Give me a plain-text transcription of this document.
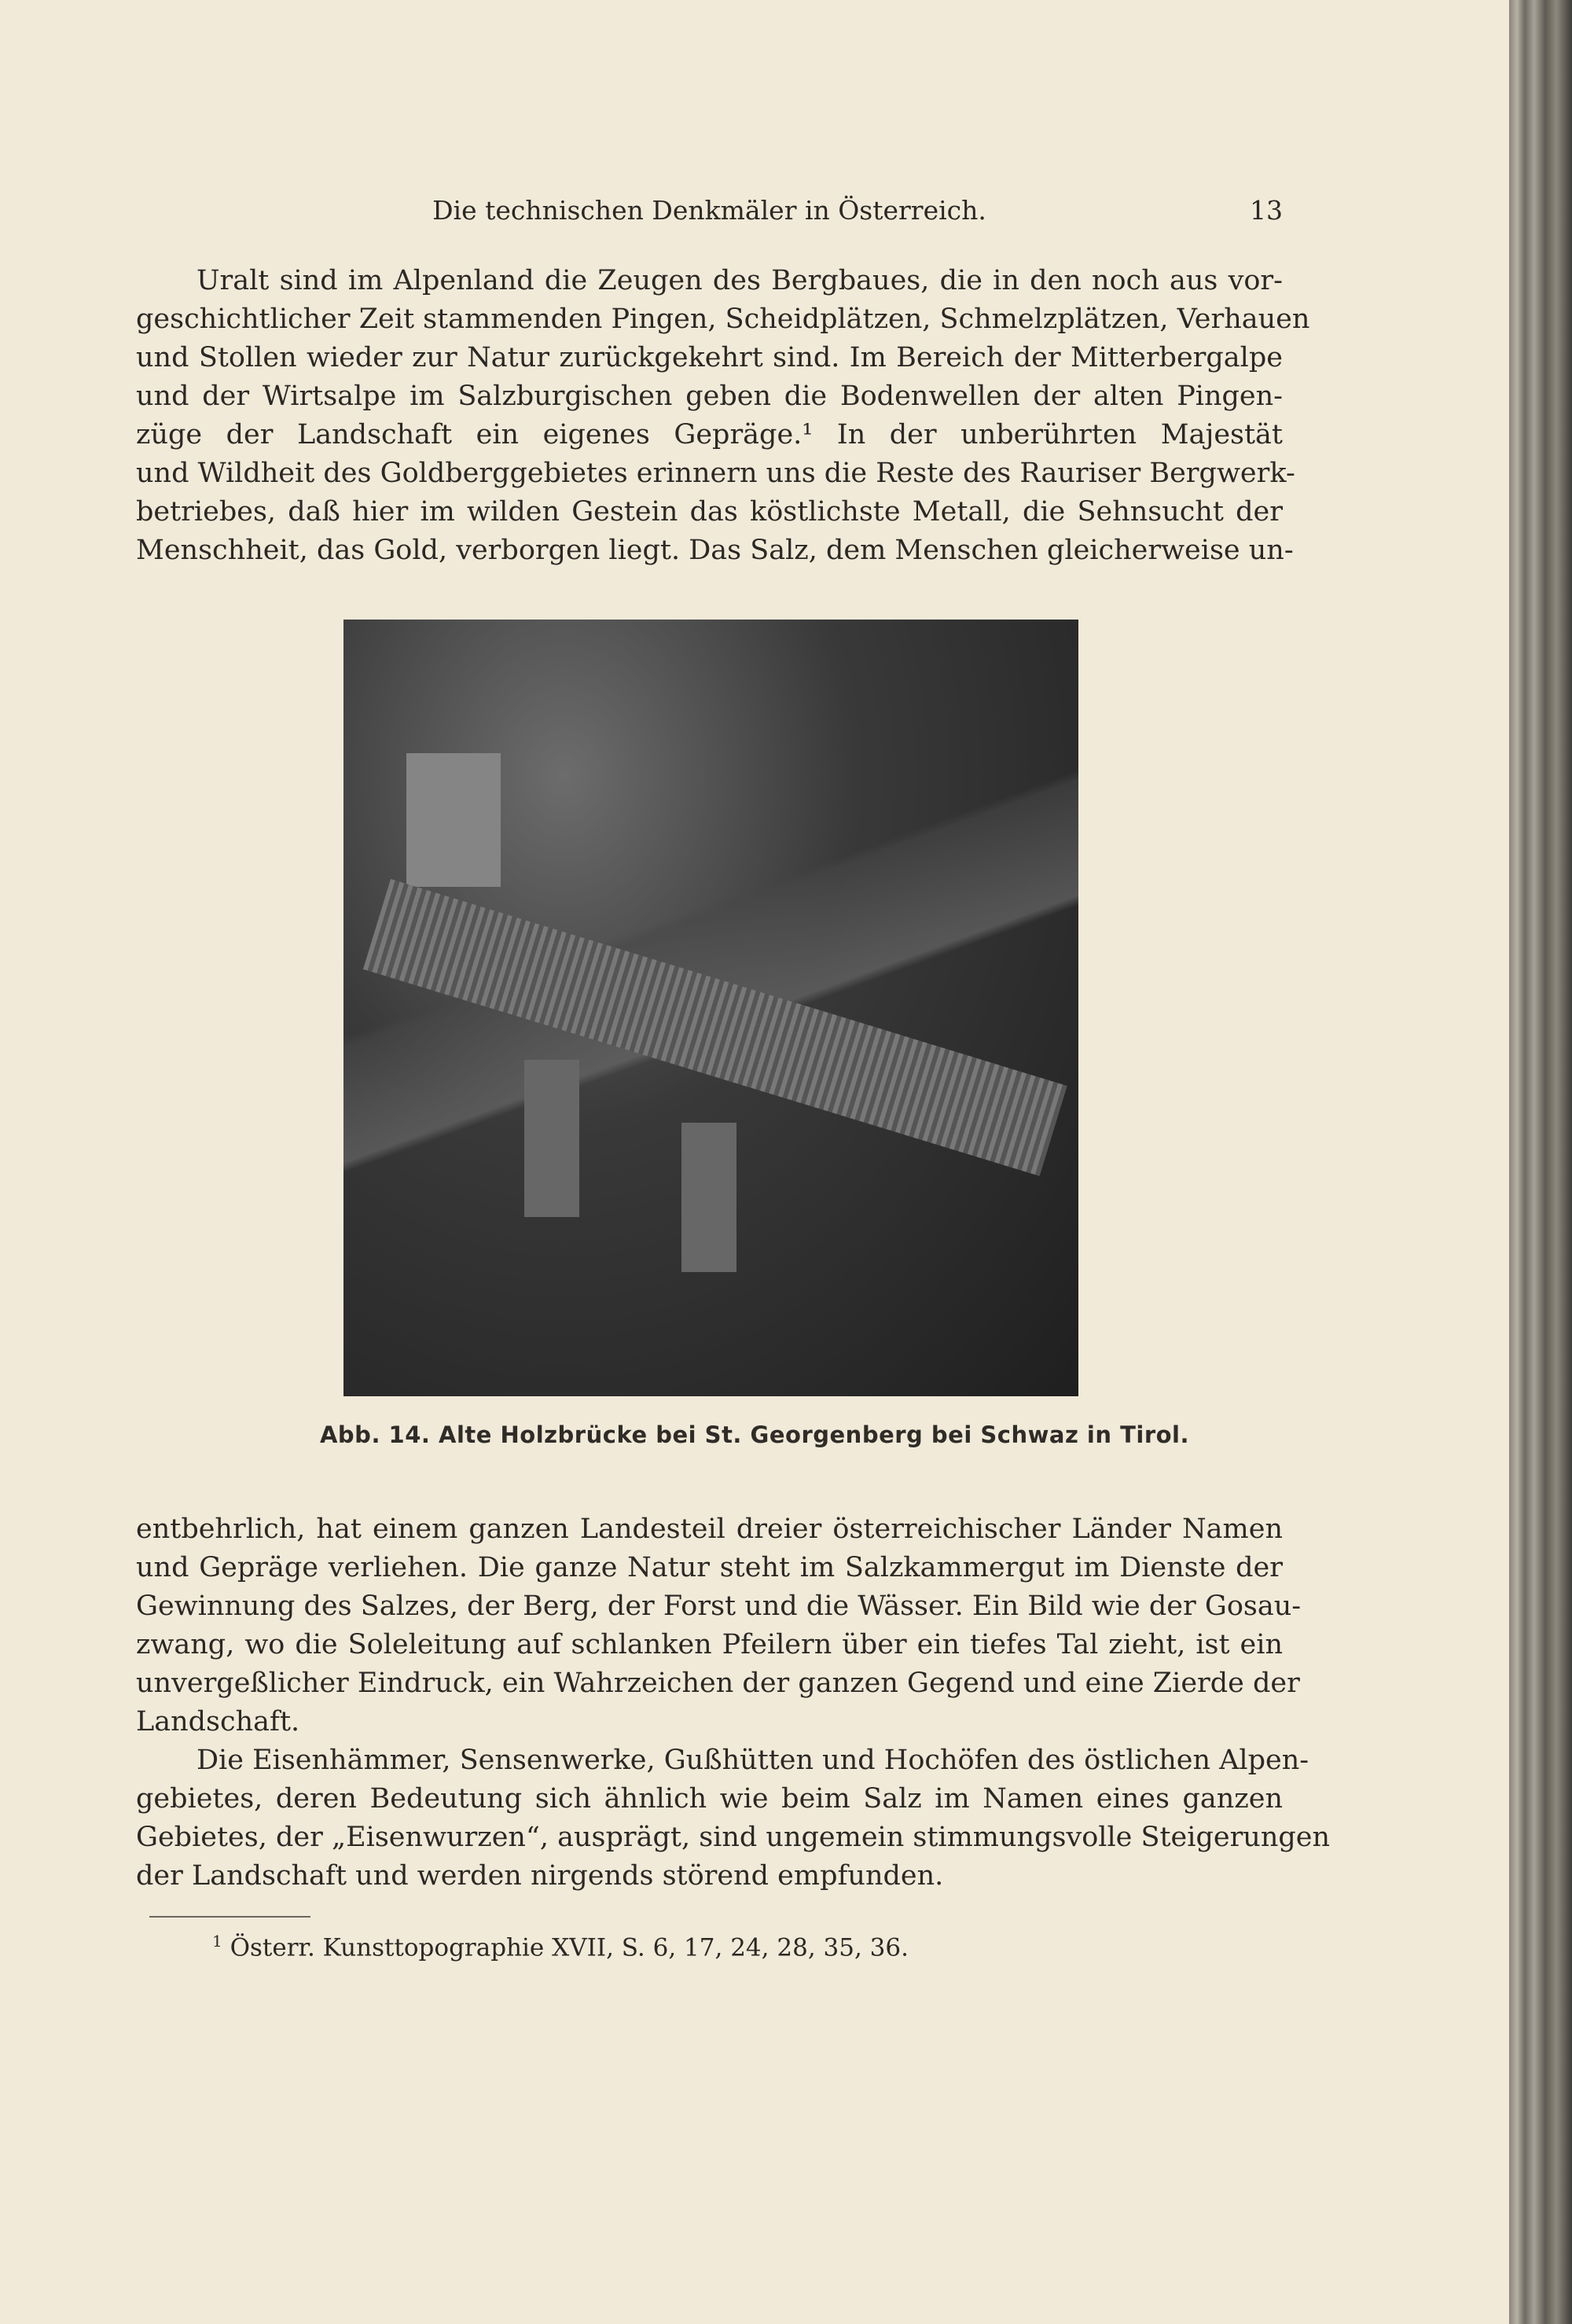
Die technischen Denkmäler in Österreich.	13
Uralt sind im Alpenland die Zeugen des Bergbaues, die in den noch aus vor-
geschichtlicher Zeit stammenden Pingen, Scheidplätzen, Schmelzplätzen, Verhauen
und Stollen wieder zur Natur zurückgekehrt sind. Im Bereich der Mitterbergalpe
und der Wirtsalpe im Salzburgischen geben die Bodenwellen der alten Pingen-
züge der Landschaft ein eigenes Gepräge.¹ In der unberührten Majestät
und Wildheit des Goldberggebietes erinnern uns die Reste des Rauriser Bergwerk-
betriebes, daß hier im wilden Gestein das köstlichste Metall, die Sehnsucht der
Menschheit, das Gold, verborgen liegt. Das Salz, dem Menschen gleicherweise un-
Abb. 14. Alte Holzbrücke bei St. Georgenberg bei Schwaz in Tirol.
entbehrlich, hat einem ganzen Landesteil dreier österreichischer Länder Namen
und Gepräge verliehen. Die ganze Natur steht im Salzkammergut im Dienste der
Gewinnung des Salzes, der Berg, der Forst und die Wässer. Ein Bild wie der Gosau-
zwang, wo die Soleleitung auf schlanken Pfeilern über ein tiefes Tal zieht, ist ein
unvergeßlicher Eindruck, ein Wahrzeichen der ganzen Gegend und eine Zierde der
Landschaft.
Die Eisenhämmer, Sensenwerke, Gußhütten und Hochöfen des östlichen Alpen-
gebietes, deren Bedeutung sich ähnlich wie beim Salz im Namen eines ganzen
Gebietes, der „Eisenwurzen“, ausprägt, sind ungemein stimmungsvolle Steigerungen
der Landschaft und werden nirgends störend empfunden.
$^1$ Österr. Kunsttopographie XVII, S. 6, 17, 24, 28, 35, 36.
